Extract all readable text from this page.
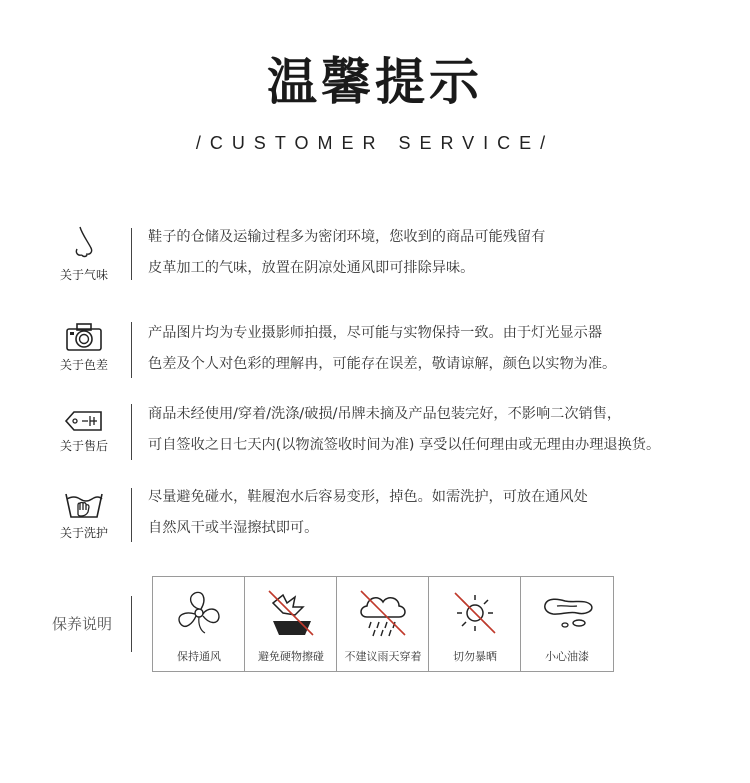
温馨提示
/CUSTOMER SERVICE/
关于气味
鞋子的仓储及运输过程多为密闭环境，您收到的商品可能残留有
皮革加工的气味，放置在阴凉处通风即可排除异味。
关于色差
产品图片均为专业摄影师拍摄，尽可能与实物保持一致。由于灯光显示器
色差及个人对色彩的理解冉，可能存在误差，敬请谅解，颜色以实物为准。
关于售后
商品未经使用/穿着/洗涤/破损/吊牌未摘及产品包装完好，不影响二次销售，
可自签收之日七天内(以物流签收时间为准) 享受以任何理由或无理由办理退换货。
关于洗护
尽量避免碰水，鞋履泡水后容易变形，掉色。如需洗护，可放在通风处
自然风干或半湿擦拭即可。
保养说明
保持通风	避免硬物擦碰	不建议雨天穿着	切勿暴晒	小心油漆
